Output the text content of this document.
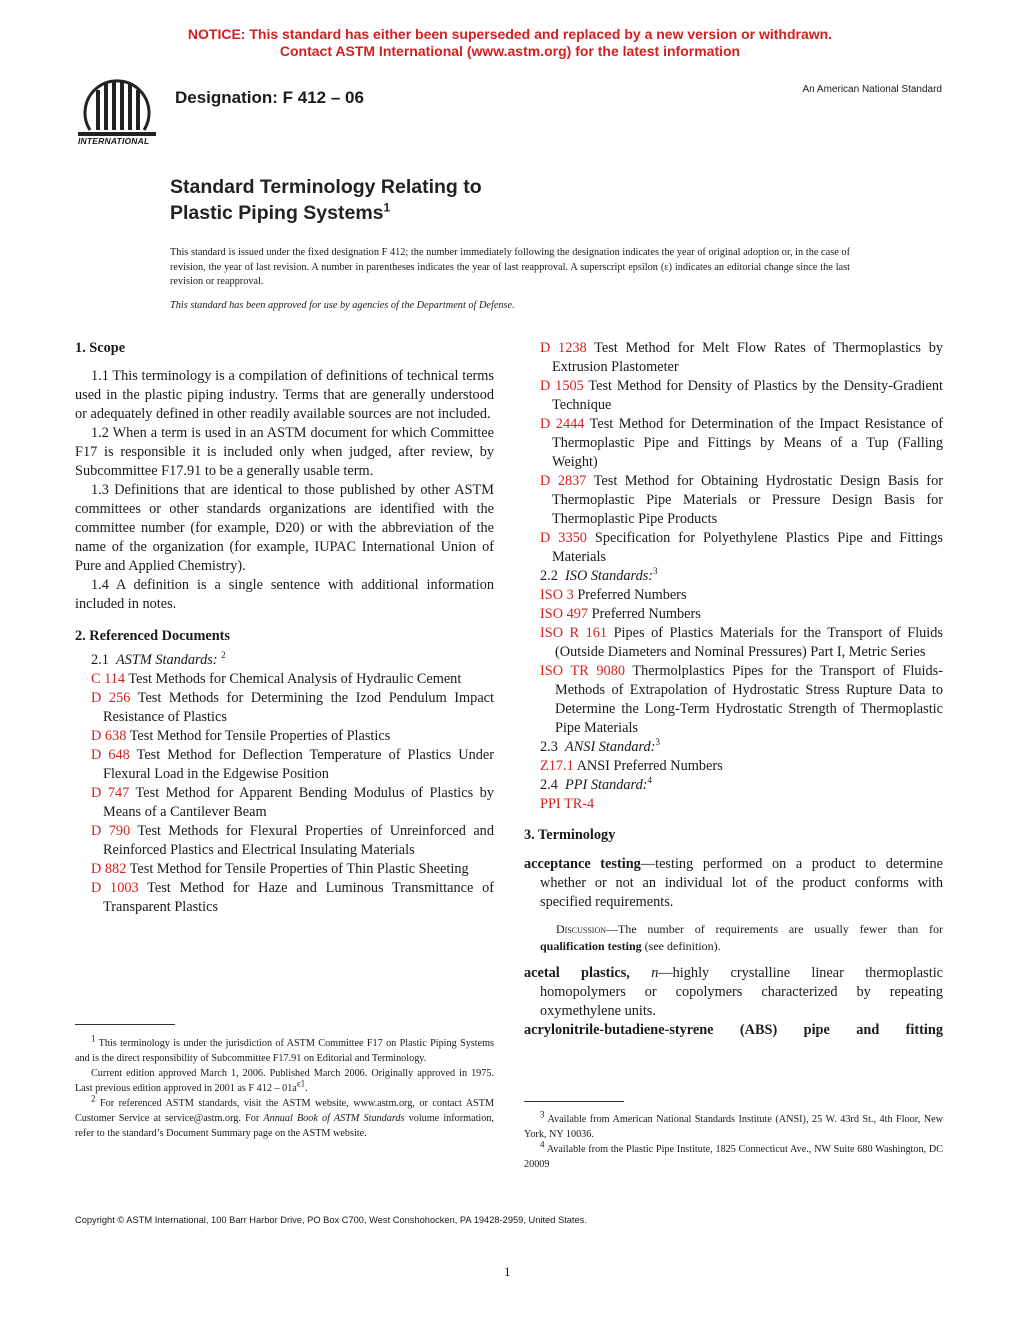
NOTICE: This standard has either been superseded and replaced by a new version or withdrawn.
Contact ASTM International (www.astm.org) for the latest information
INTERNATIONAL
Designation: F 412 – 06	An American National Standard
Standard Terminology Relating to
Plastic Piping Systems$^1$
This standard is issued under the fixed designation F 412; the number immediately following the designation indicates the year of original adoption or, in the case of revision, the year of last revision. A number in parentheses indicates the year of last reapproval. A superscript epsilon (ε) indicates an editorial change since the last revision or reapproval.
This standard has been approved for use by agencies of the Department of Defense.
1. Scope

1.1 This terminology is a compilation of definitions of technical terms used in the plastic piping industry. Terms that are generally understood or adequately defined in other readily available sources are not included.

1.2 When a term is used in an ASTM document for which Committee F17 is responsible it is included only when judged, after review, by Subcommittee F17.91 to be a generally usable term.

1.3 Definitions that are identical to those published by other ASTM committees or other standards organizations are identified with the committee number (for example, D20) or with the abbreviation of the name of the organization (for example, IUPAC International Union of Pure and Applied Chemistry).

1.4 A definition is a single sentence with additional information included in notes.

2. Referenced Documents
2.1 ASTM Standards: $^2$

C 114 Test Methods for Chemical Analysis of Hydraulic Cement

D 256 Test Methods for Determining the Izod Pendulum Impact Resistance of Plastics

D 638 Test Method for Tensile Properties of Plastics

D 648 Test Method for Deflection Temperature of Plastics Under Flexural Load in the Edgewise Position

D 747 Test Method for Apparent Bending Modulus of Plastics by Means of a Cantilever Beam

D 790 Test Methods for Flexural Properties of Unreinforced and Reinforced Plastics and Electrical Insulating Materials

D 882 Test Method for Tensile Properties of Thin Plastic Sheeting

D 1003 Test Method for Haze and Luminous Transmittance of Transparent Plastics

$^1$ This terminology is under the jurisdiction of ASTM Committee F17 on Plastic Piping Systems and is the direct responsibility of Subcommittee F17.91 on Editorial and Terminology.

Current edition approved March 1, 2006. Published March 2006. Originally approved in 1975. Last previous edition approved in 2001 as F $412 - 01a^{\varepsilon 1}$.

$^2$ For referenced ASTM standards, visit the ASTM website, www.astm.org, or contact ASTM Customer Service at service@astm.org. For Annual Book of ASTM Standards volume information, refer to the standard’s Document Summary page on the ASTM website.

D 1238 Test Method for Melt Flow Rates of Thermoplastics by Extrusion Plastometer

D 1505 Test Method for Density of Plastics by the Density-Gradient Technique

D 2444 Test Method for Determination of the Impact Resistance of Thermoplastic Pipe and Fittings by Means of a Tup (Falling Weight)

D 2837 Test Method for Obtaining Hydrostatic Design Basis for Thermoplastic Pipe Materials or Pressure Design Basis for Thermoplastic Pipe Products

D 3350 Specification for Polyethylene Plastics Pipe and Fittings Materials

2.2 ISO Standards:$^3$

ISO 3 Preferred Numbers

ISO 497 Preferred Numbers

ISO R 161 Pipes of Plastics Materials for the Transport of Fluids (Outside Diameters and Nominal Pressures) Part I, Metric Series

ISO TR 9080 Thermolplastics Pipes for the Transport of Fluids-Methods of Extrapolation of Hydrostatic Stress Rupture Data to Determine the Long-Term Hydrostatic Strength of Thermoplastic Pipe Materials

2.3 ANSI Standard:$^3$

Z17.1 ANSI Preferred Numbers

2.4 PPI Standard:$^4$

PPI TR-4

3. Terminology

acceptance testing—testing performed on a product to determine whether or not an individual lot of the product conforms with specified requirements.

Discussion—The number of requirements are usually fewer than for qualification testing (see definition).

acetal plastics, n—highly crystalline linear thermoplastic homopolymers or copolymers characterized by repeating oxymethylene units.

acrylonitrile-butadiene-styrene (ABS) pipe and fitting

$^3$ Available from American National Standards Institute (ANSI), 25 W. 43rd St., 4th Floor, New York, NY 10036.

$^4$ Available from the Plastic Pipe Institute, 1825 Connecticut Ave., NW Suite 680 Washington, DC 20009

Copyright © ASTM International, 100 Barr Harbor Drive, PO Box C700, West Conshohocken, PA 19428-2959, United States.
1
